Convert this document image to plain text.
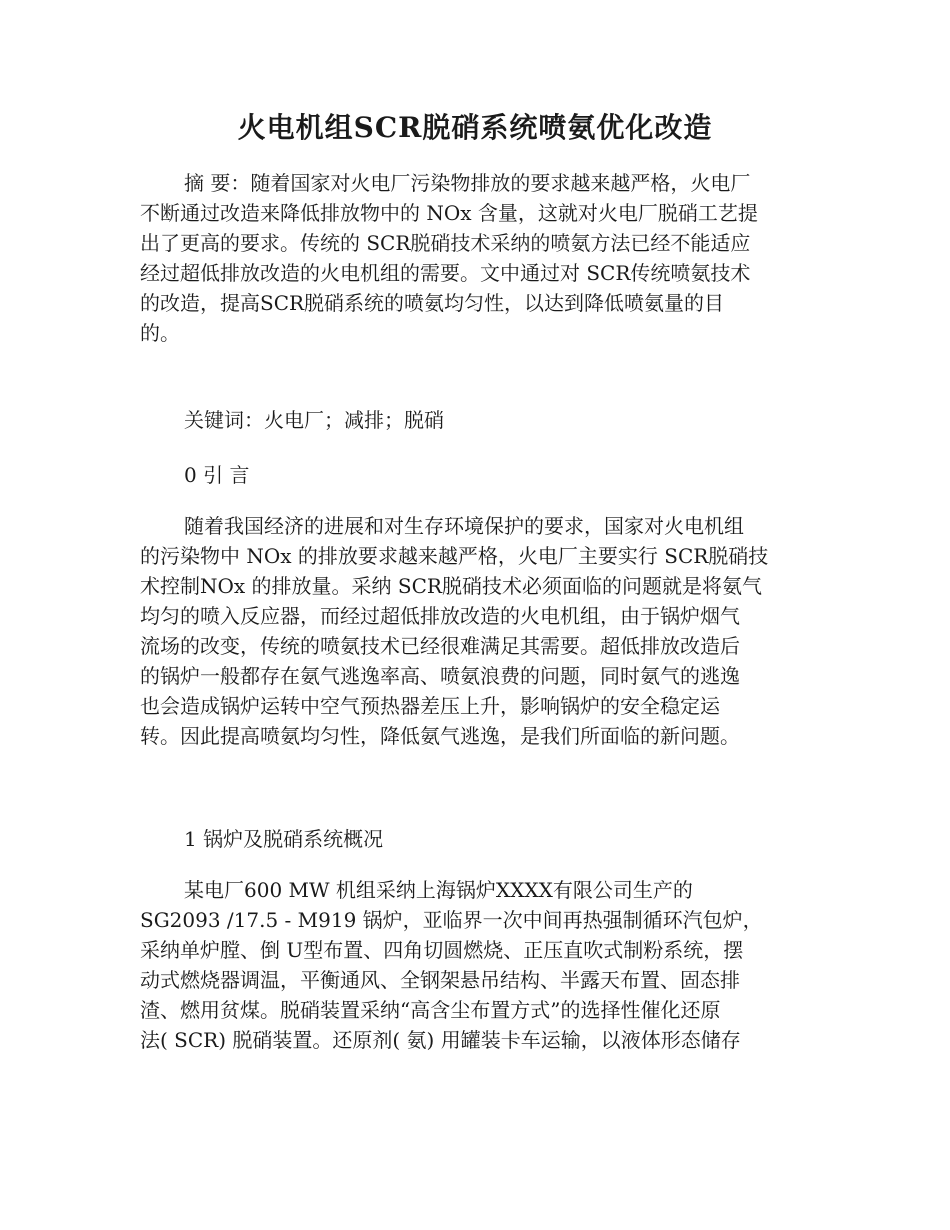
火电机组SCR脱硝系统喷氨优化改造
摘 要：随着国家对火电厂污染物排放的要求越来越严格，火电厂
不断通过改造来降低排放物中的 NOx 含量，这就对火电厂脱硝工艺提
出了更高的要求。传统的 SCR脱硝技术采纳的喷氨方法已经不能适应
经过超低排放改造的火电机组的需要。文中通过对 SCR传统喷氨技术
的改造，提高SCR脱硝系统的喷氨均匀性，以达到降低喷氨量的目
的。
关键词：火电厂；减排；脱硝
0 引 言
随着我国经济的进展和对生存环境保护的要求，国家对火电机组
的污染物中 NOx 的排放要求越来越严格，火电厂主要实行 SCR脱硝技
术控制NOx 的排放量。采纳 SCR脱硝技术必须面临的问题就是将氨气
均匀的喷入反应器，而经过超低排放改造的火电机组，由于锅炉烟气
流场的改变，传统的喷氨技术已经很难满足其需要。超低排放改造后
的锅炉一般都存在氨气逃逸率高、喷氨浪费的问题，同时氨气的逃逸
也会造成锅炉运转中空气预热器差压上升，影响锅炉的安全稳定运
转。因此提高喷氨均匀性，降低氨气逃逸，是我们所面临的新问题。
1 锅炉及脱硝系统概况
某电厂600 MW 机组采纳上海锅炉XXXX有限公司生产的
SG2093 /17.5 - M919 锅炉，亚临界一次中间再热强制循环汽包炉，
采纳单炉膛、倒 U型布置、四角切圆燃烧、正压直吹式制粉系统，摆
动式燃烧器调温，平衡通风、全钢架悬吊结构、半露天布置、固态排
渣、燃用贫煤。脱硝装置采纳“高含尘布置方式”的选择性催化还原
法( SCR) 脱硝装置。还原剂( 氨) 用罐装卡车运输，以液体形态储存
